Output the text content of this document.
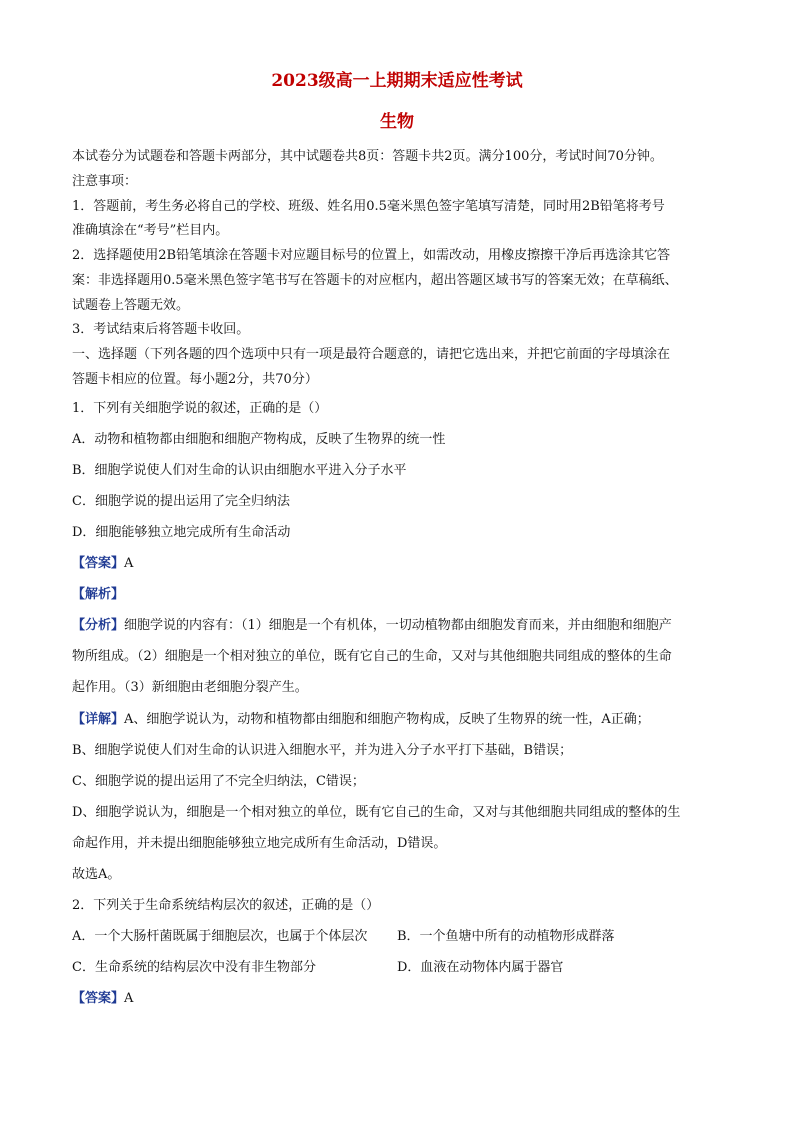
2023级高一上期期末适应性考试
生物

本试卷分为试题卷和答题卡两部分，其中试题卷共8页：答题卡共2页。满分100分，考试时间70分钟。

注意事项：

1．答题前，考生务必将自己的学校、班级、姓名用0.5毫米黑色签字笔填写清楚，同时用2B铅笔将考号

准确填涂在“考号”栏目内。

2．选择题使用2B铅笔填涂在答题卡对应题目标号的位置上，如需改动，用橡皮擦擦干净后再选涂其它答

案：非选择题用0.5毫米黑色签字笔书写在答题卡的对应框内，超出答题区域书写的答案无效；在草稿纸、

试题卷上答题无效。

3．考试结束后将答题卡收回。

一、选择题（下列各题的四个选项中只有一项是最符合题意的，请把它选出来，并把它前面的字母填涂在

答题卡相应的位置。每小题2分，共70分）

1．下列有关细胞学说的叙述，正确的是（）

A．动物和植物都由细胞和细胞产物构成，反映了生物界的统一性

B．细胞学说使人们对生命的认识由细胞水平进入分子水平

C．细胞学说的提出运用了完全归纳法

D．细胞能够独立地完成所有生命活动

【答案】A

【解析】

【分析】细胞学说的内容有：（1）细胞是一个有机体，一切动植物都由细胞发育而来，并由细胞和细胞产

物所组成。（2）细胞是一个相对独立的单位，既有它自己的生命，又对与其他细胞共同组成的整体的生命

起作用。（3）新细胞由老细胞分裂产生。

【详解】A、细胞学说认为，动物和植物都由细胞和细胞产物构成，反映了生物界的统一性，A正确；

B、细胞学说使人们对生命的认识进入细胞水平，并为进入分子水平打下基础，B错误；

C、细胞学说的提出运用了不完全归纳法，C错误；

D、细胞学说认为，细胞是一个相对独立的单位，既有它自己的生命，又对与其他细胞共同组成的整体的生

命起作用，并未提出细胞能够独立地完成所有生命活动，D错误。

故选A。

2．下列关于生命系统结构层次的叙述，正确的是（）

A．一个大肠杆菌既属于细胞层次，也属于个体层次 B．一个鱼塘中所有的动植物形成群落
C．生命系统的结构层次中没有非生物部分	D．血液在动物体内属于器官

【答案】A
